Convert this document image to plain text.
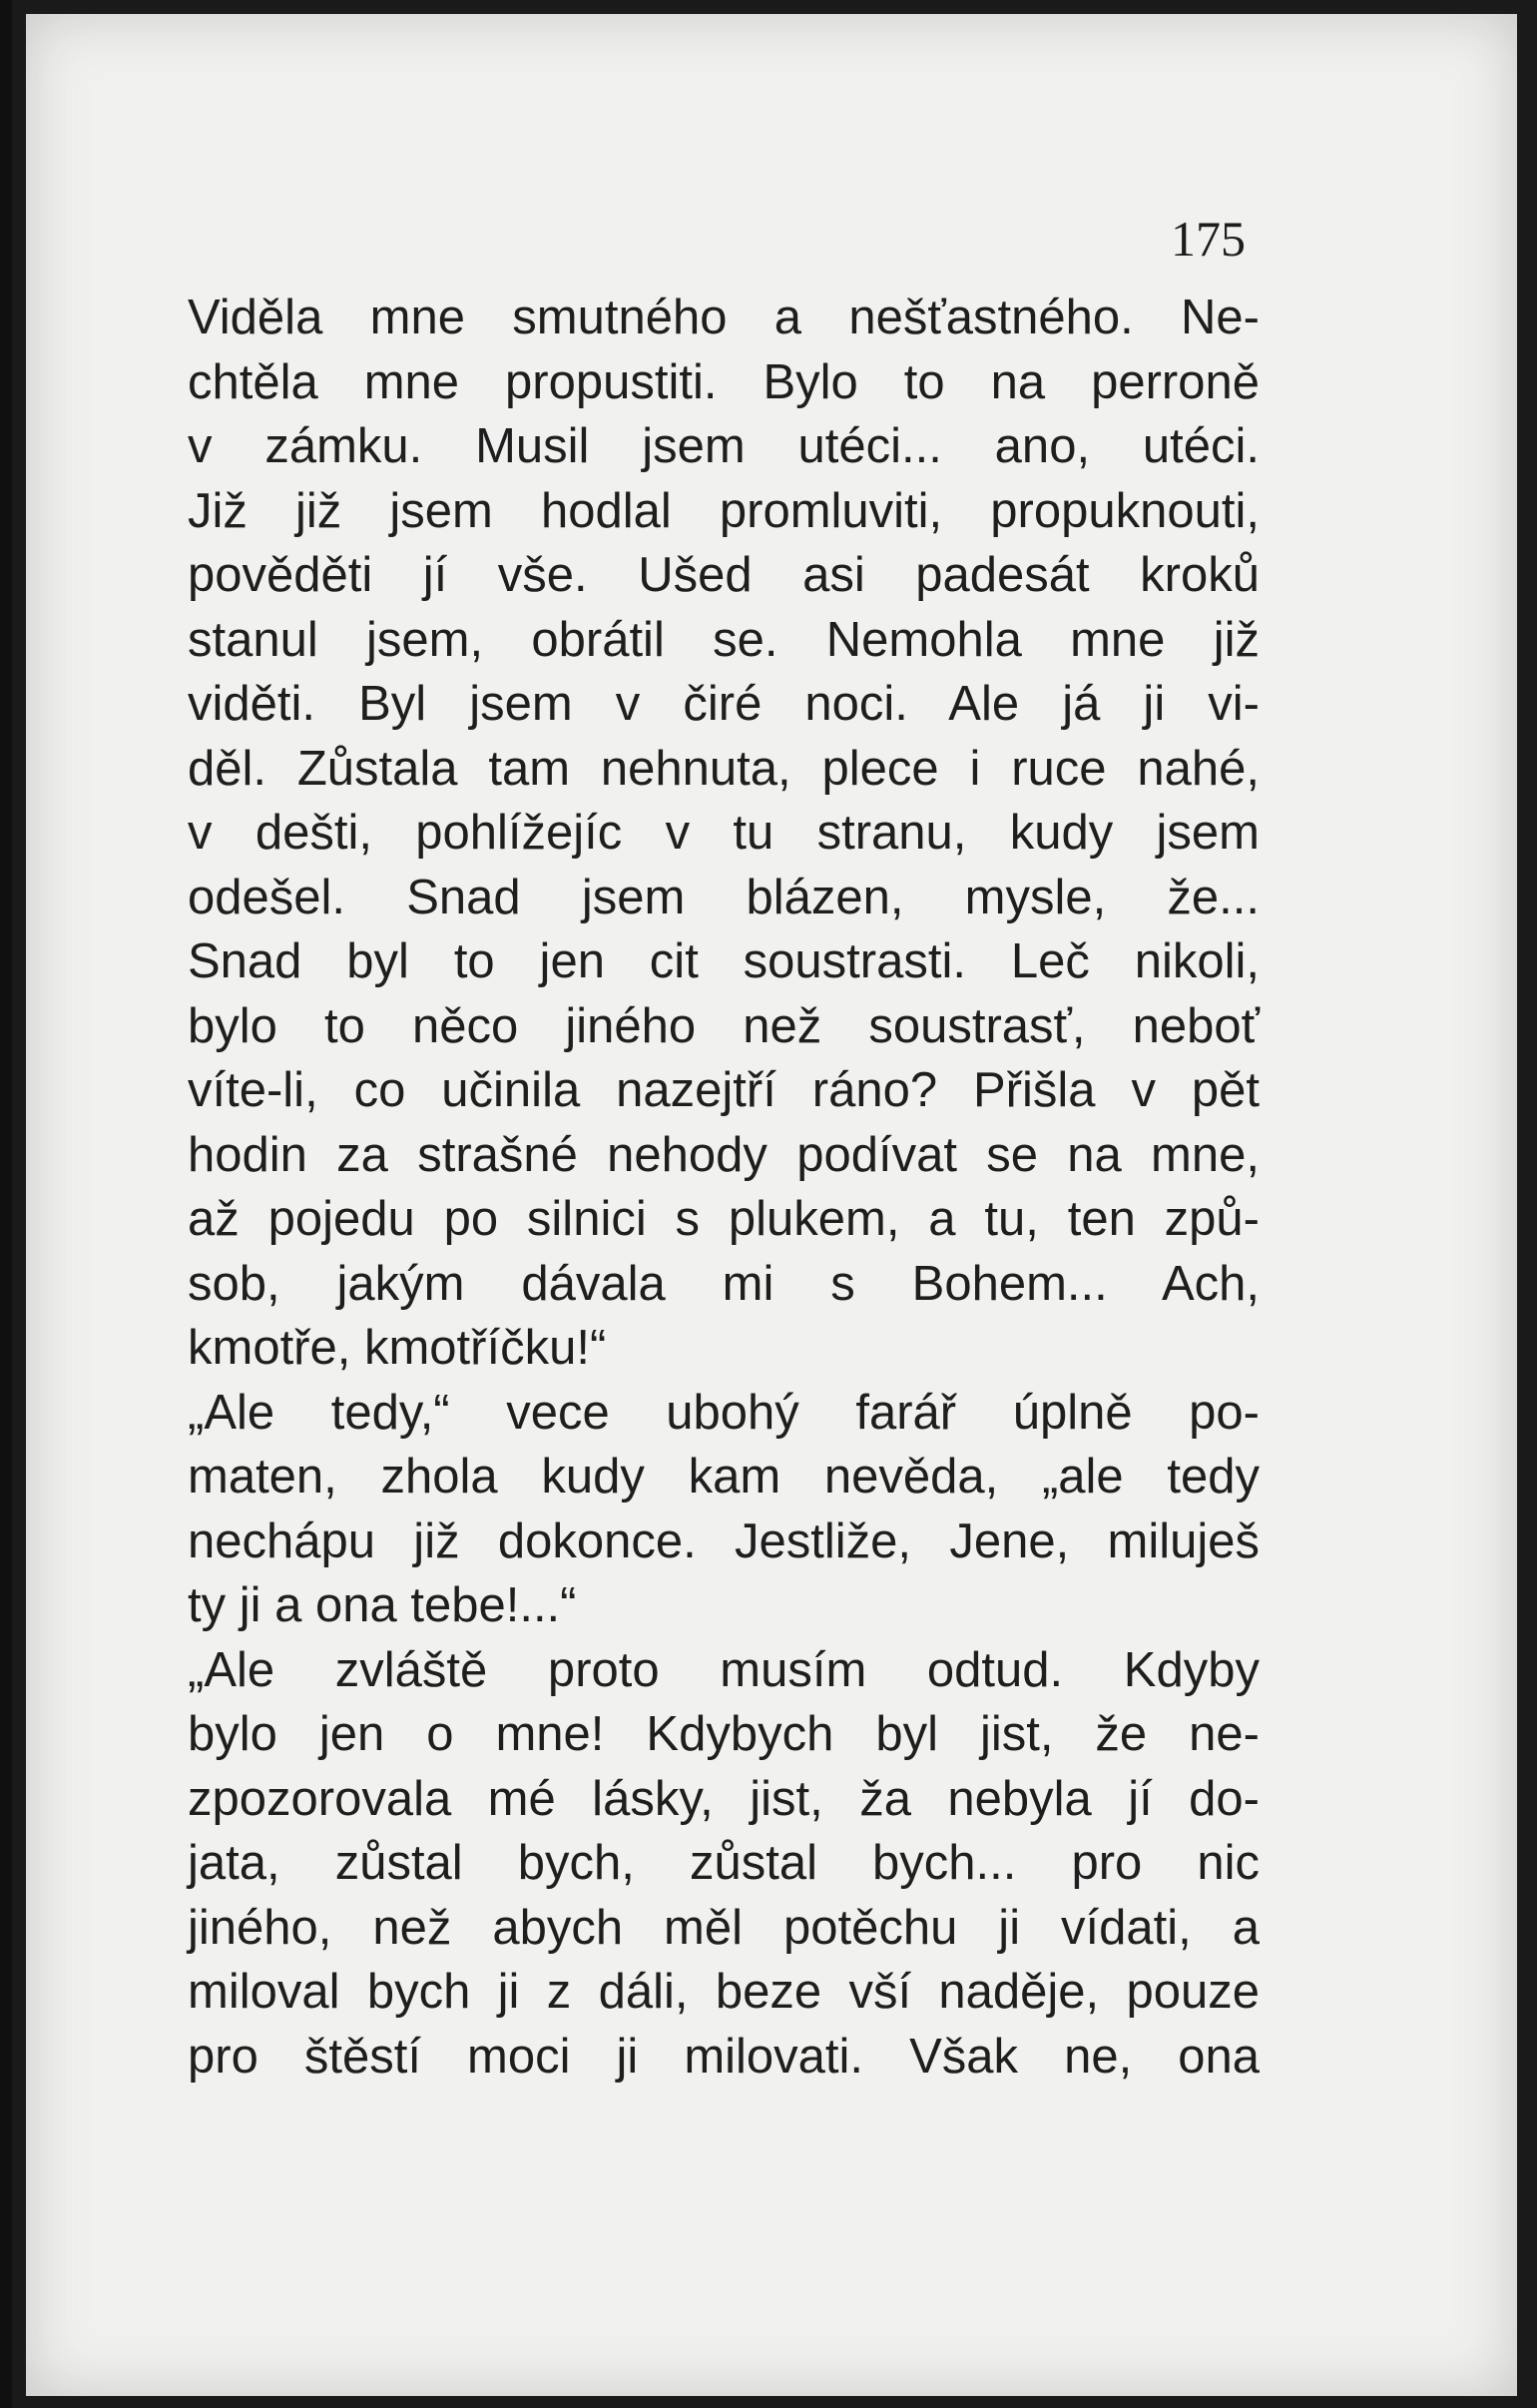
175

Viděla mne smutného a nešťastného. Ne-
chtěla mne propustiti. Bylo to na perroně
v zámku. Musil jsem utéci... ano, utéci.
Již již jsem hodlal promluviti, propuknouti,
pověděti jí vše. Ušed asi padesát kroků
stanul jsem, obrátil se. Nemohla mne již
viděti. Byl jsem v čiré noci. Ale já ji vi-
děl. Zůstala tam nehnuta, plece i ruce nahé,
v dešti, pohlížejíc v tu stranu, kudy jsem
odešel. Snad jsem blázen, mysle, že...
Snad byl to jen cit soustrasti. Leč nikoli,
bylo to něco jiného než soustrasť, neboť
víte-li, co učinila nazejtří ráno? Přišla v pět
hodin za strašné nehody podívat se na mne,
až pojedu po silnici s plukem, a tu, ten způ-
sob, jakým dávala mi s Bohem... Ach,
kmotře, kmotříčku!“
„Ale tedy,“ vece ubohý farář úplně po-
maten, zhola kudy kam nevěda, „ale tedy
nechápu již dokonce. Jestliže, Jene, miluješ
ty ji a ona tebe!...“
„Ale zvláště proto musím odtud. Kdyby
bylo jen o mne! Kdybych byl jist, že ne-
zpozorovala mé lásky, jist, ža nebyla jí do-
jata, zůstal bych, zůstal bych... pro nic
jiného, než abych měl potěchu ji vídati, a
miloval bych ji z dáli, beze vší naděje, pouze
pro štěstí moci ji milovati. Však ne, ona
